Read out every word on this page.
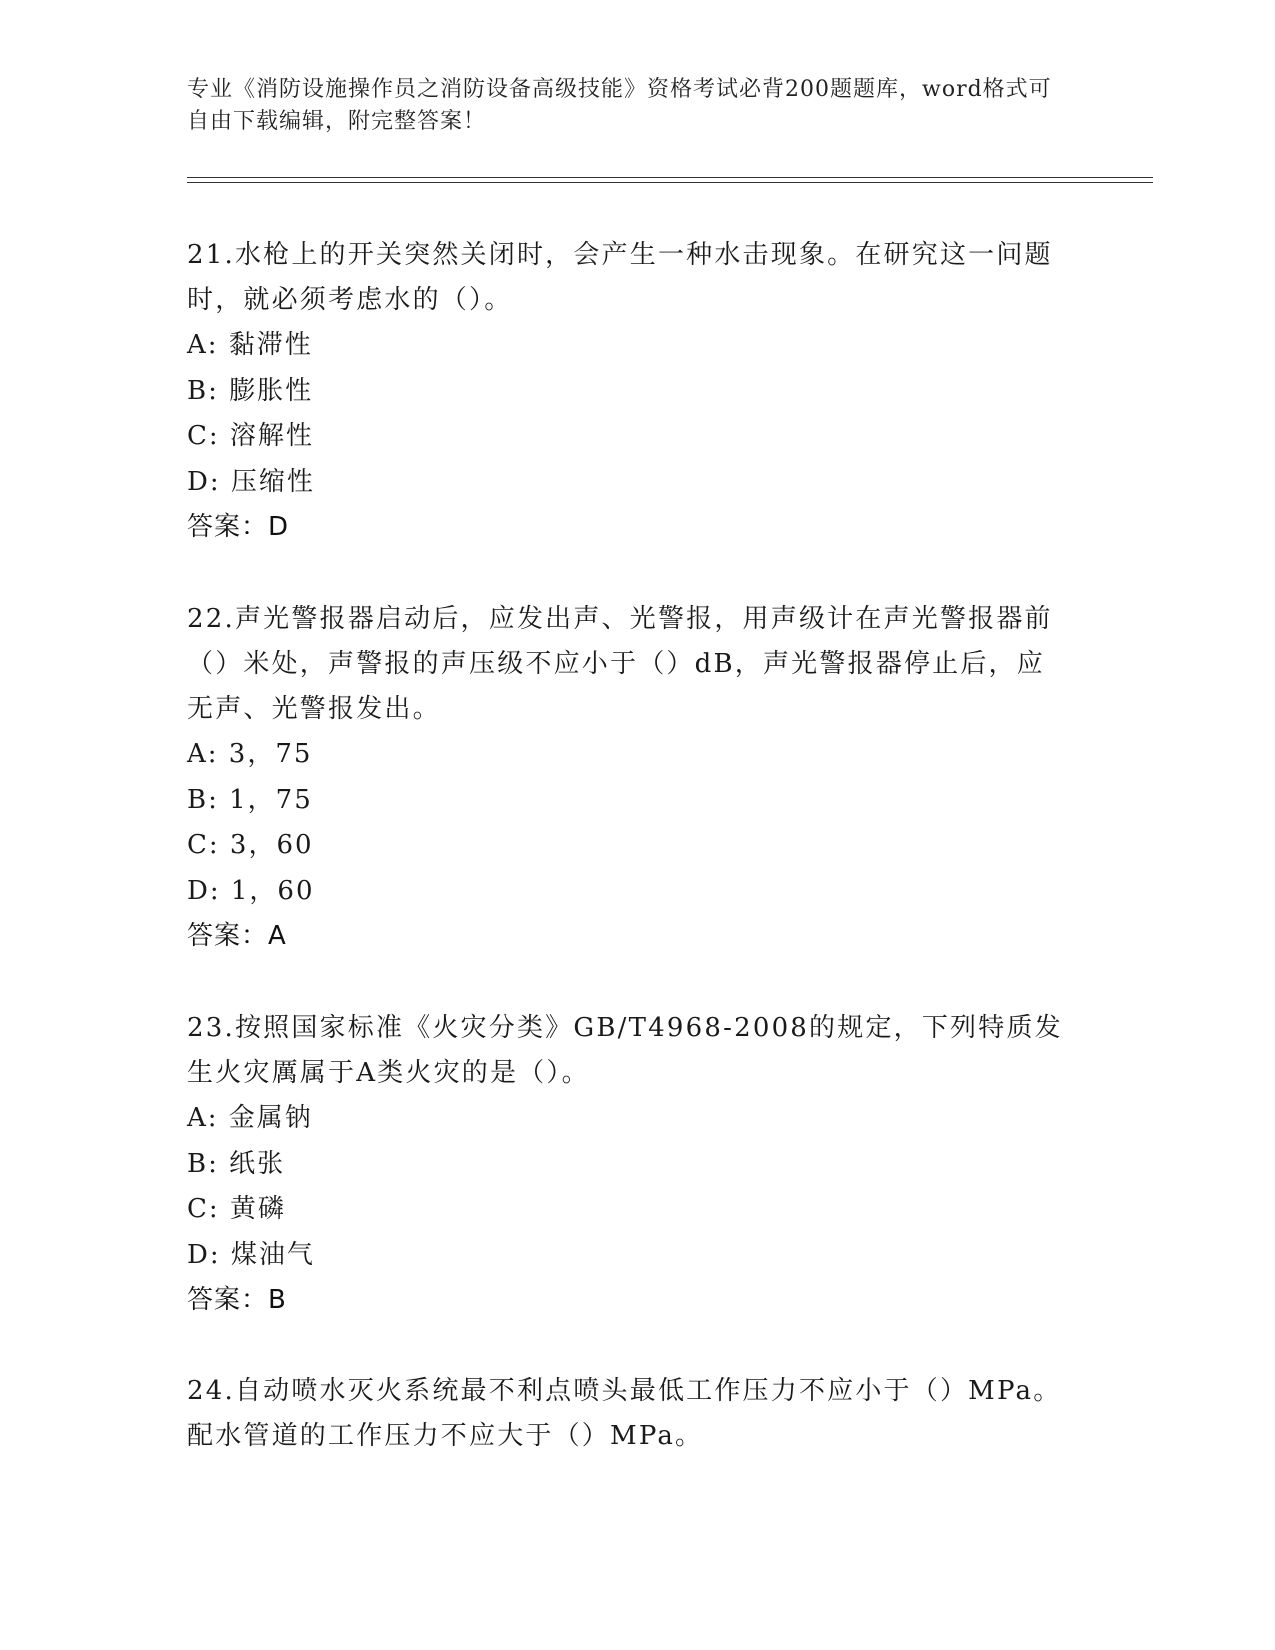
专业《消防设施操作员之消防设备高级技能》资格考试必背200题题库，word格式可自由下载编辑，附完整答案！

21.水枪上的开关突然关闭时，会产生一种水击现象。在研究这一问题时，就必须考虑水的（）。

A: 黏滞性

B: 膨胀性

C: 溶解性

D: 压缩性

答案：D

22.声光警报器启动后，应发出声、光警报，用声级计在声光警报器前（）米处，声警报的声压级不应小于（）dB，声光警报器停止后，应无声、光警报发出。

A: 3，75

B: 1，75

C: 3，60

D: 1，60

答案：A

23.按照国家标准《火灾分类》GB/T4968-2008的规定，下列特质发生火灾厲属于A类火灾的是（）。

A: 金属钠

B: 纸张

C: 黄磷

D: 煤油气

答案：B

24.自动喷水灭火系统最不利点喷头最低工作压力不应小于（）MPa。配水管道的工作压力不应大于（）MPa。
